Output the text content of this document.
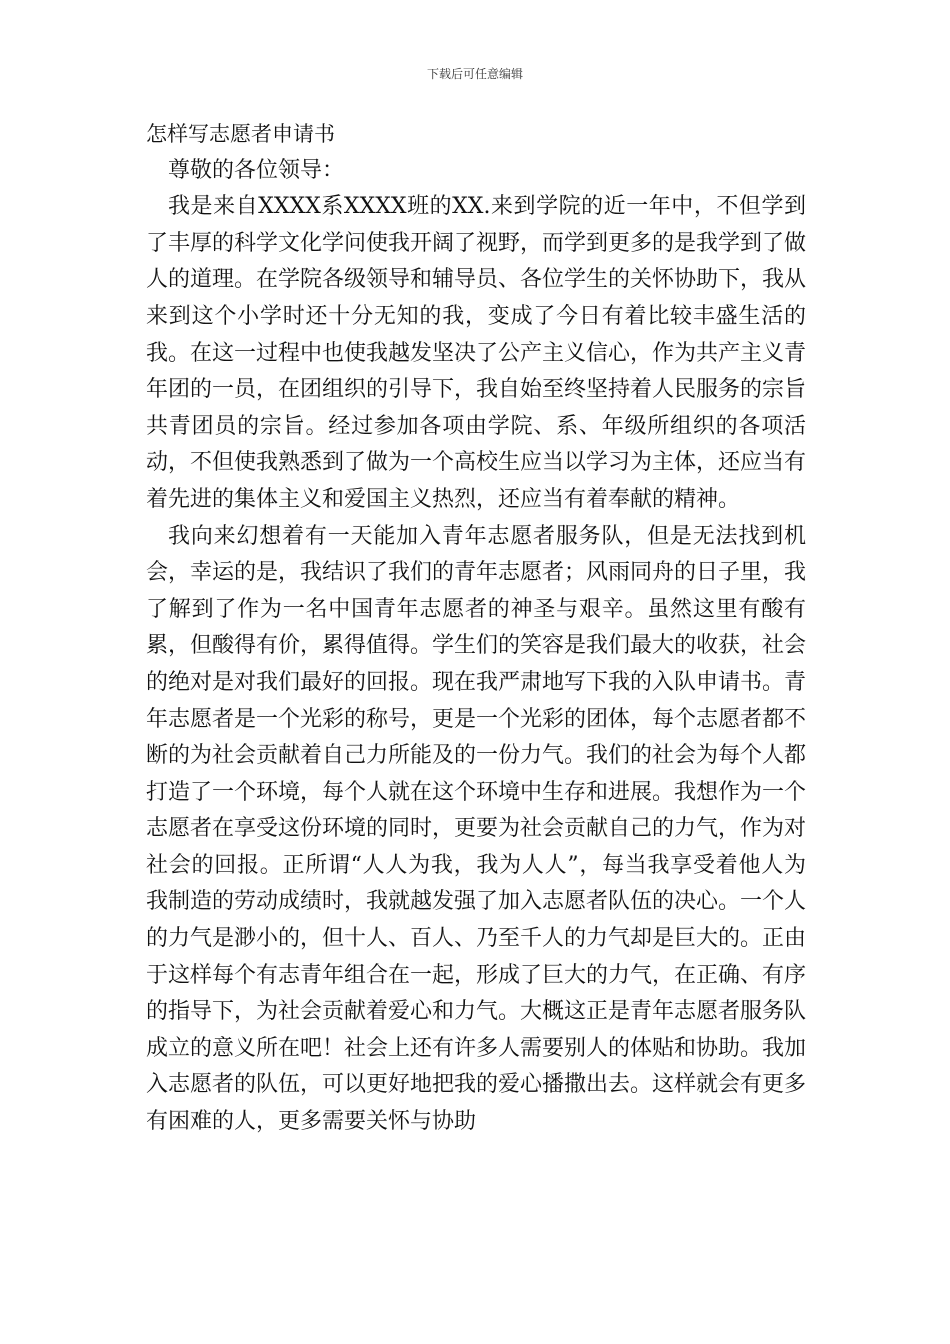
下载后可任意编辑
怎样写志愿者申请书

尊敬的各位领导：

我是来自XXXX系XXXX班的XX.来到学院的近一年中，不但学到了丰厚的科学文化学问使我开阔了视野，而学到更多的是我学到了做人的道理。在学院各级领导和辅导员、各位学生的关怀协助下，我从来到这个小学时还十分无知的我，变成了今日有着比较丰盛生活的我。在这一过程中也使我越发坚决了公产主义信心，作为共产主义青年团的一员，在团组织的引导下，我自始至终坚持着人民服务的宗旨共青团员的宗旨。经过参加各项由学院、系、年级所组织的各项活动，不但使我熟悉到了做为一个高校生应当以学习为主体，还应当有着先进的集体主义和爱国主义热烈，还应当有着奉献的精神。

我向来幻想着有一天能加入青年志愿者服务队，但是无法找到机会，幸运的是，我结识了我们的青年志愿者；风雨同舟的日子里，我了解到了作为一名中国青年志愿者的神圣与艰辛。虽然这里有酸有累，但酸得有价，累得值得。学生们的笑容是我们最大的收获，社会的绝对是对我们最好的回报。现在我严肃地写下我的入队申请书。青年志愿者是一个光彩的称号，更是一个光彩的团体，每个志愿者都不断的为社会贡献着自己力所能及的一份力气。我们的社会为每个人都打造了一个环境，每个人就在这个环境中生存和进展。我想作为一个志愿者在享受这份环境的同时，更要为社会贡献自己的力气，作为对社会的回报。正所谓“人人为我，我为人人”，每当我享受着他人为我制造的劳动成绩时，我就越发强了加入志愿者队伍的决心。一个人的力气是渺小的，但十人、百人、乃至千人的力气却是巨大的。正由于这样每个有志青年组合在一起，形成了巨大的力气，在正确、有序的指导下，为社会贡献着爱心和力气。大概这正是青年志愿者服务队成立的意义所在吧！社会上还有许多人需要别人的体贴和协助。我加入志愿者的队伍，可以更好地把我的爱心播撒出去。这样就会有更多有困难的人，更多需要关怀与协助
